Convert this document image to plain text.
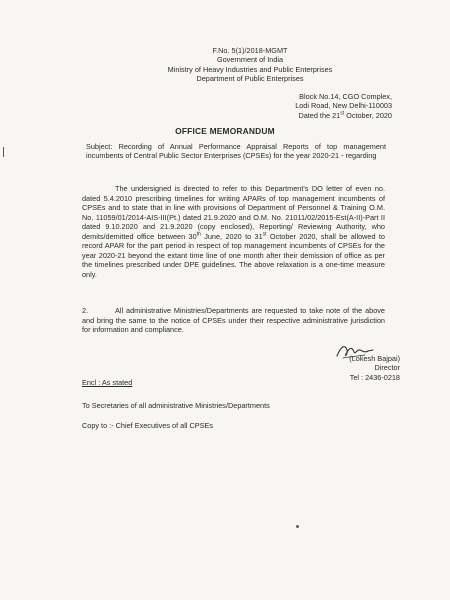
F.No. 5(1)/2018-MGMT
Government of India
Ministry of Heavy Industries and Public Enterprises
Department of Public Enterprises
Block No.14, CGO Complex,
Lodi Road, New Delhi-110003
Dated the 21st October, 2020
OFFICE MEMORANDUM
Subject: Recording of Annual Performance Appraisal Reports of top management incumbents of Central Public Sector Enterprises (CPSEs) for the year 2020-21 - regarding
The undersigned is directed to refer to this Department's DO letter of even no. dated 5.4.2010 prescribing timelines for writing APARs of top management incumbents of CPSEs and to state that in line with provisions of Department of Personnel & Training O.M. No. 11059/01/2014-AIS-III(Pt.) dated 21.9.2020 and O.M. No. 21011/02/2015-Est(A-II)-Part II dated 9.10.2020 and 21.9.2020 (copy enclosed), Reporting/ Reviewing Authority, who demits/demitted office between 30th June, 2020 to 31st October 2020, shall be allowed to record APAR for the part period in respect of top management incumbents of CPSEs for the year 2020-21 beyond the extant time line of one month after their demission of office as per the timelines prescribed under DPE guidelines. The above relaxation is a one-time measure only.
2.	All administrative Ministries/Departments are requested to take note of the above and bring the same to the notice of CPSEs under their respective administrative jurisdiction for information and compliance.
(Lokesh Bajpai)
Director
Tel : 2436-0218
Encl : As stated
To Secretaries of all administrative Ministries/Departments
Copy to :- Chief Executives of all CPSEs
